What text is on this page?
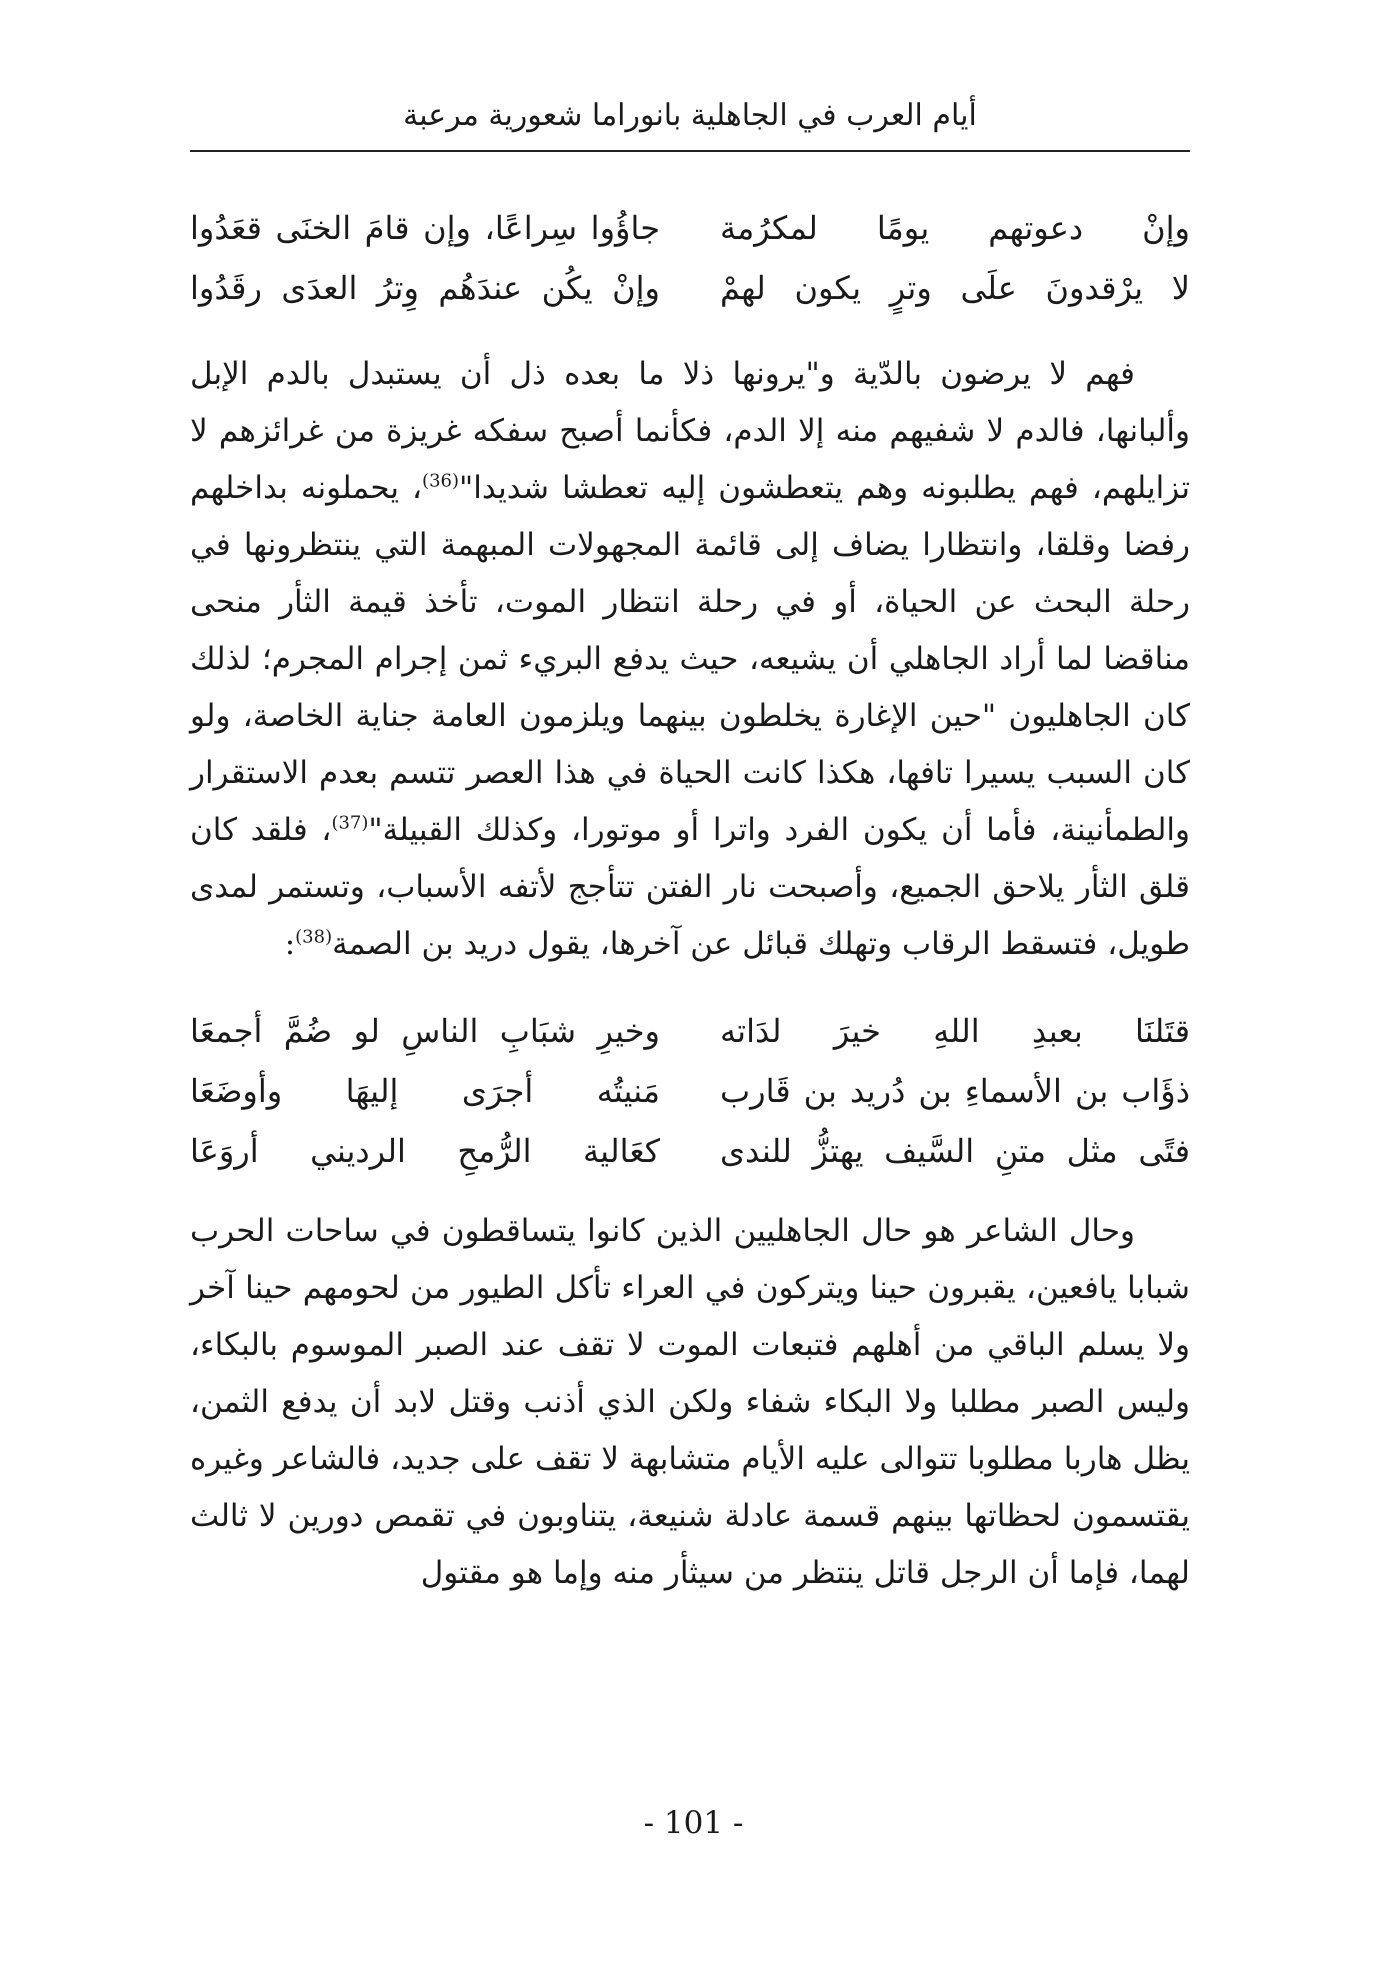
أيام العرب في الجاهلية بانوراما شعورية مرعبة
وإنْ دعوتهم يومًا لمكرُمة
جاؤُوا سِراعًا، وإن قامَ الخنَى قعَدُوا
لا يرْقدونَ علَى وترٍ يكون لهمْ
وإنْ يكُن عندَهُم وِترُ العدَى رقَدُوا

فهم لا يرضون بالدّية و"يرونها ذلا ما بعده ذل أن يستبدل بالدم الإبل وألبانها، فالدم لا شفيهم منه إلا الدم، فكأنما أصبح سفكه غريزة من غرائزهم لا تزايلهم، فهم يطلبونه وهم يتعطشون إليه تعطشا شديدا"$^{(36)}$، يحملونه بداخلهم رفضا وقلقا، وانتظارا يضاف إلى قائمة المجهولات المبهمة التي ينتظرونها في رحلة البحث عن الحياة، أو في رحلة انتظار الموت، تأخذ قيمة الثأر منحى مناقضا لما أراد الجاهلي أن يشيعه، حيث يدفع البريء ثمن إجرام المجرم؛ لذلك كان الجاهليون "حين الإغارة يخلطون بينهما ويلزمون العامة جناية الخاصة، ولو كان السبب يسيرا تافها، هكذا كانت الحياة في هذا العصر تتسم بعدم الاستقرار والطمأنينة، فأما أن يكون الفرد واترا أو موتورا، وكذلك القبيلة"$^{(37)}$، فلقد كان قلق الثأر يلاحق الجميع، وأصبحت نار الفتن تتأجج لأتفه الأسباب، وتستمر لمدى طويل، فتسقط الرقاب وتهلك قبائل عن آخرها، يقول دريد بن الصمة$^{(38)}$:

قتَلنَا بعبدِ اللهِ خيرَ لدَاته
وخيرِ شبَابِ الناسِ لو ضُمَّ أجمعَا
ذؤَاب بن الأسماءِ بن دُريد بن قَارب
مَنيتُه أجرَى إليهَا وأوضَعَا
فتًى مثل متنِ السَّيف يهتزُّ للندى
كعَالية الرُّمحِ الرديني أروَعَا

وحال الشاعر هو حال الجاهليين الذين كانوا يتساقطون في ساحات الحرب شبابا يافعين، يقبرون حينا ويتركون في العراء تأكل الطيور من لحومهم حينا آخر ولا يسلم الباقي من أهلهم فتبعات الموت لا تقف عند الصبر الموسوم بالبكاء، وليس الصبر مطلبا ولا البكاء شفاء ولكن الذي أذنب وقتل لابد أن يدفع الثمن، يظل هاربا مطلوبا تتوالى عليه الأيام متشابهة لا تقف على جديد، فالشاعر وغيره يقتسمون لحظاتها بينهم قسمة عادلة شنيعة، يتناوبون في تقمص دورين لا ثالث لهما، فإما أن الرجل قاتل ينتظر من سيثأر منه وإما هو مقتول

- 101 -
